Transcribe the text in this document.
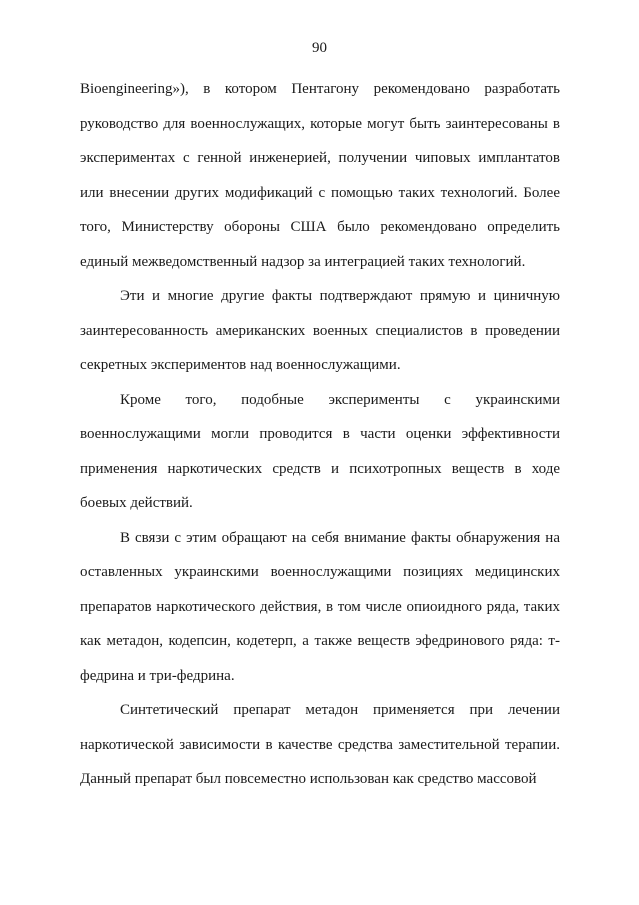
90
Bioengineering»), в котором Пентагону рекомендовано разработать
руководство для военнослужащих, которые могут быть заинтересованы в
экспериментах с генной инженерией, получении чиповых имплантатов
или внесении других модификаций с помощью таких технологий. Более
того, Министерству обороны США было рекомендовано определить
единый межведомственный надзор за интеграцией таких технологий.
Эти и многие другие факты подтверждают прямую и циничную
заинтересованность американских военных специалистов в проведении
секретных экспериментов над военнослужащими.
Кроме того, подобные эксперименты с украинскими
военнослужащими могли проводится в части оценки эффективности
применения наркотических средств и психотропных веществ в ходе
боевых действий.
В связи с этим обращают на себя внимание факты обнаружения на
оставленных украинскими военнослужащими позициях медицинских
препаратов наркотического действия, в том числе опиоидного ряда, таких
как метадон, кодепсин, кодетерп, а также веществ эфедринового ряда: т-
федрина и три-федрина.
Синтетический препарат метадон применяется при лечении
наркотической зависимости в качестве средства заместительной терапии.
Данный препарат был повсеместно использован как средство массовой
